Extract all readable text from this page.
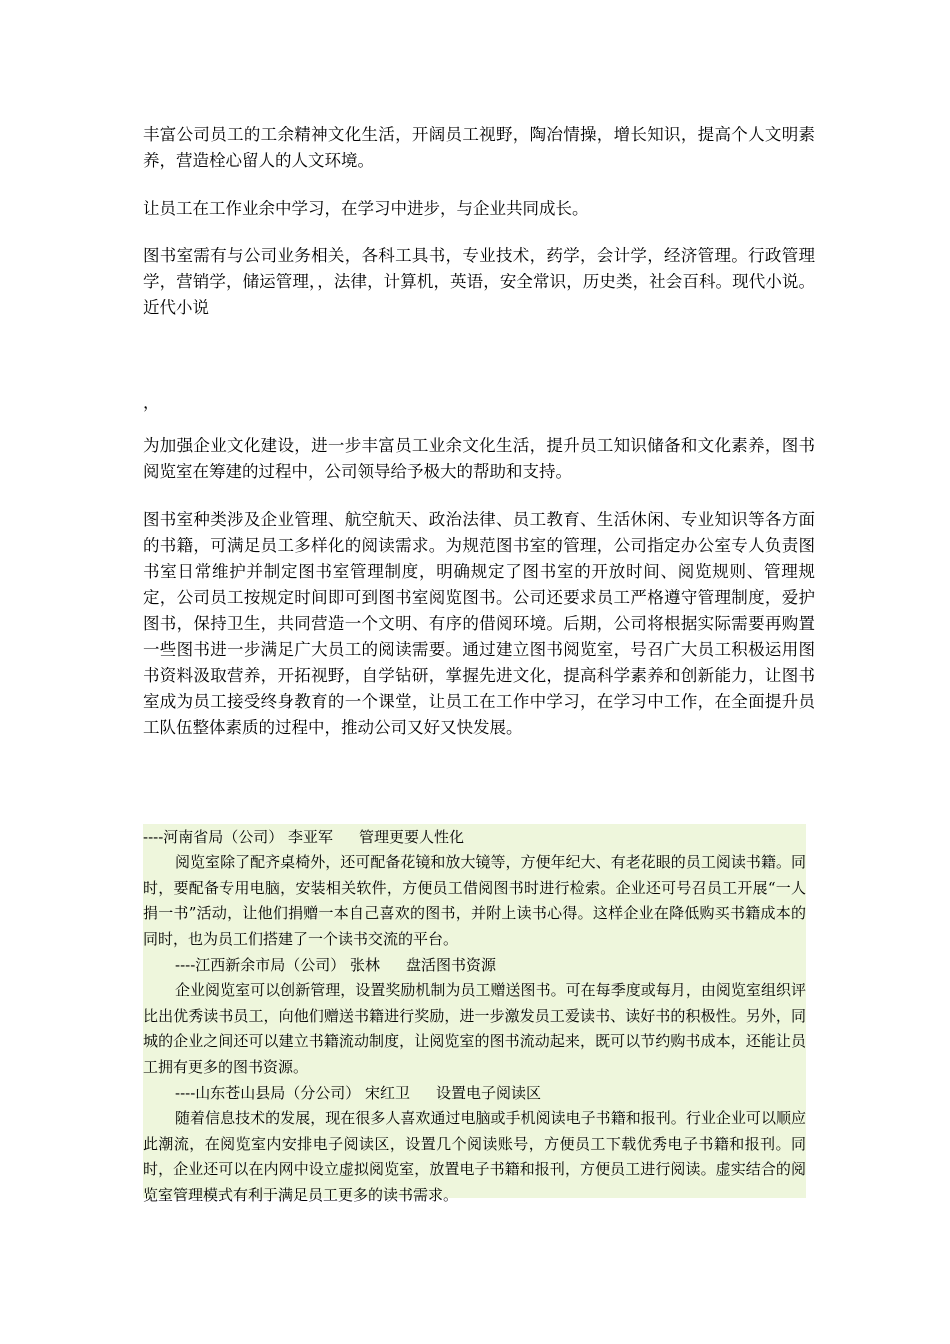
丰富公司员工的工余精神文化生活，开阔员工视野，陶冶情操，增长知识，提高个人文明素养，营造栓心留人的人文环境。

让员工在工作业余中学习，在学习中进步，与企业共同成长。

图书室需有与公司业务相关，各科工具书，专业技术，药学，会计学，经济管理。行政管理学，营销学，储运管理，，法律，计算机，英语，安全常识，历史类，社会百科。现代小说。近代小说

，

为加强企业文化建设，进一步丰富员工业余文化生活，提升员工知识储备和文化素养，图书阅览室在筹建的过程中，公司领导给予极大的帮助和支持。

图书室种类涉及企业管理、航空航天、政治法律、员工教育、生活休闲、专业知识等各方面的书籍，可满足员工多样化的阅读需求。为规范图书室的管理，公司指定办公室专人负责图书室日常维护并制定图书室管理制度，明确规定了图书室的开放时间、阅览规则、管理规定，公司员工按规定时间即可到图书室阅览图书。公司还要求员工严格遵守管理制度，爱护图书，保持卫生，共同营造一个文明、有序的借阅环境。后期，公司将根据实际需要再购置一些图书进一步满足广大员工的阅读需要。通过建立图书阅览室，号召广大员工积极运用图书资料汲取营养，开拓视野，自学钻研，掌握先进文化，提高科学素养和创新能力，让图书室成为员工接受终身教育的一个课堂，让员工在工作中学习，在学习中工作，在全面提升员工队伍整体素质的过程中，推动公司又好又快发展。

----河南省局（公司） 李亚军 管理更要人性化

阅览室除了配齐桌椅外，还可配备花镜和放大镜等，方便年纪大、有老花眼的员工阅读书籍。同时，要配备专用电脑，安装相关软件，方便员工借阅图书时进行检索。企业还可号召员工开展“一人捐一书”活动，让他们捐赠一本自己喜欢的图书，并附上读书心得。这样企业在降低购买书籍成本的同时，也为员工们搭建了一个读书交流的平台。

----江西新余市局（公司） 张林 盘活图书资源

企业阅览室可以创新管理，设置奖励机制为员工赠送图书。可在每季度或每月，由阅览室组织评比出优秀读书员工，向他们赠送书籍进行奖励，进一步激发员工爱读书、读好书的积极性。另外，同城的企业之间还可以建立书籍流动制度，让阅览室的图书流动起来，既可以节约购书成本，还能让员工拥有更多的图书资源。

----山东苍山县局（分公司） 宋红卫 设置电子阅读区

随着信息技术的发展，现在很多人喜欢通过电脑或手机阅读电子书籍和报刊。行业企业可以顺应此潮流，在阅览室内安排电子阅读区，设置几个阅读账号，方便员工下载优秀电子书籍和报刊。同时，企业还可以在内网中设立虚拟阅览室，放置电子书籍和报刊，方便员工进行阅读。虚实结合的阅览室管理模式有利于满足员工更多的读书需求。
